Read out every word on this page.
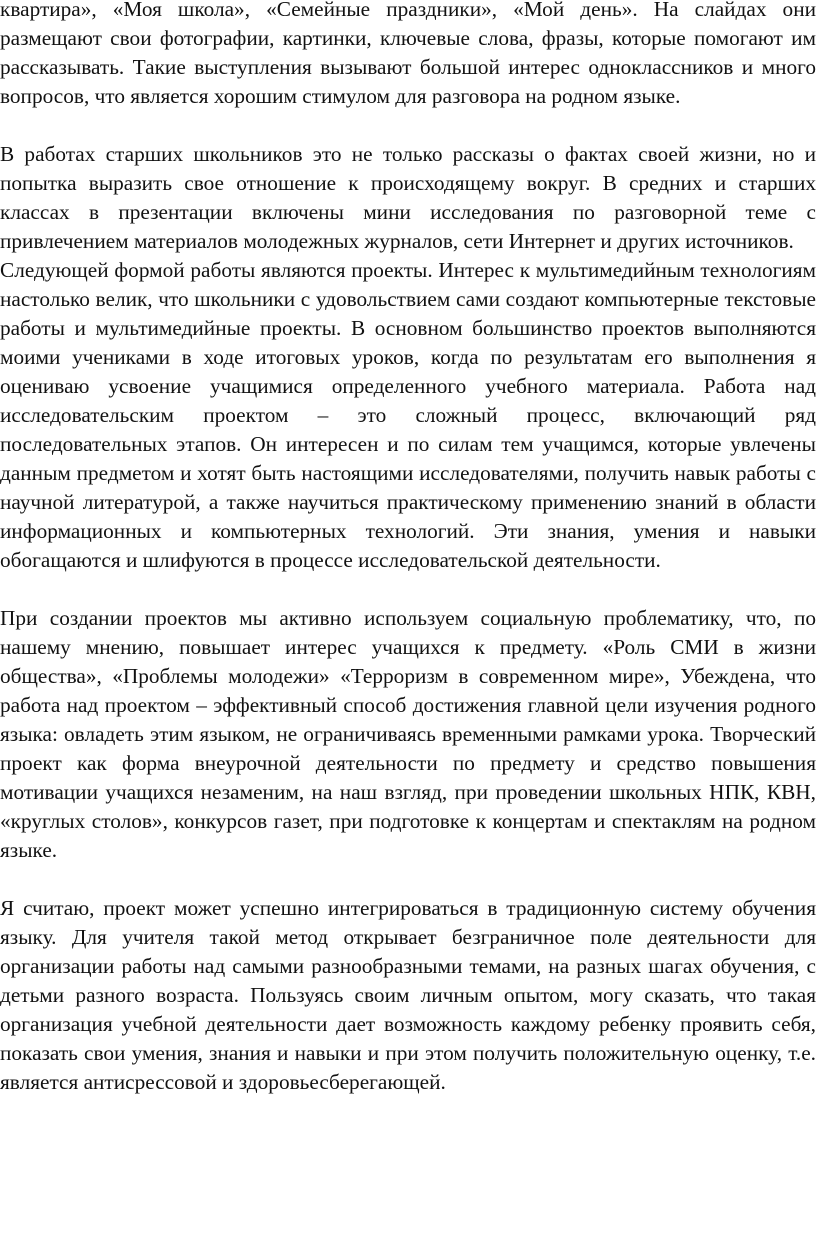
квартира», «Моя школа», «Семейные праздники», «Мой день». На слайдах они размещают свои фотографии, картинки, ключевые слова, фразы, которые помогают им рассказывать. Такие выступления вызывают большой интерес одноклассников и много вопросов, что является хорошим стимулом для разговора на родном языке.

В работах старших школьников это не только рассказы о фактах своей жизни, но и попытка выразить свое отношение к происходящему вокруг. В средних и старших классах в презентации включены мини исследования по разговорной теме с привлечением материалов молодежных журналов, сети Интернет и других источников.

Следующей формой работы являются проекты. Интерес к мультимедийным технологиям настолько велик, что школьники с удовольствием сами создают компьютерные текстовые работы и мультимедийные проекты. В основном большинство проектов выполняются моими учениками в ходе итоговых уроков, когда по результатам его выполнения я оцениваю усвоение учащимися определенного учебного материала. Работа над исследовательским проектом – это сложный процесс, включающий ряд последовательных этапов. Он интересен и по силам тем учащимся, которые увлечены данным предметом и хотят быть настоящими исследователями, получить навык работы с научной литературой, а также научиться практическому применению знаний в области информационных и компьютерных технологий. Эти знания, умения и навыки обогащаются и шлифуются в процессе исследовательской деятельности.

При создании проектов мы активно используем социальную проблематику, что, по нашему мнению, повышает интерес учащихся к предмету. «Роль СМИ в жизни общества», «Проблемы молодежи» «Терроризм в современном мире», Убеждена, что работа над проектом – эффективный способ достижения главной цели изучения родного языка: овладеть этим языком, не ограничиваясь временными рамками урока. Творческий проект как форма внеурочной деятельности по предмету и средство повышения мотивации учащихся незаменим, на наш взгляд, при проведении школьных НПК, КВН, «круглых столов», конкурсов газет, при подготовке к концертам и спектаклям на родном языке.

Я считаю, проект может успешно интегрироваться в традиционную систему обучения языку. Для учителя такой метод открывает безграничное поле деятельности для организации работы над самыми разнообразными темами, на разных шагах обучения, с детьми разного возраста. Пользуясь своим личным опытом, могу сказать, что такая организация учебной деятельности дает возможность каждому ребенку проявить себя, показать свои умения, знания и навыки и при этом получить положительную оценку, т.е. является антисрессовой и здоровьесберегающей.
